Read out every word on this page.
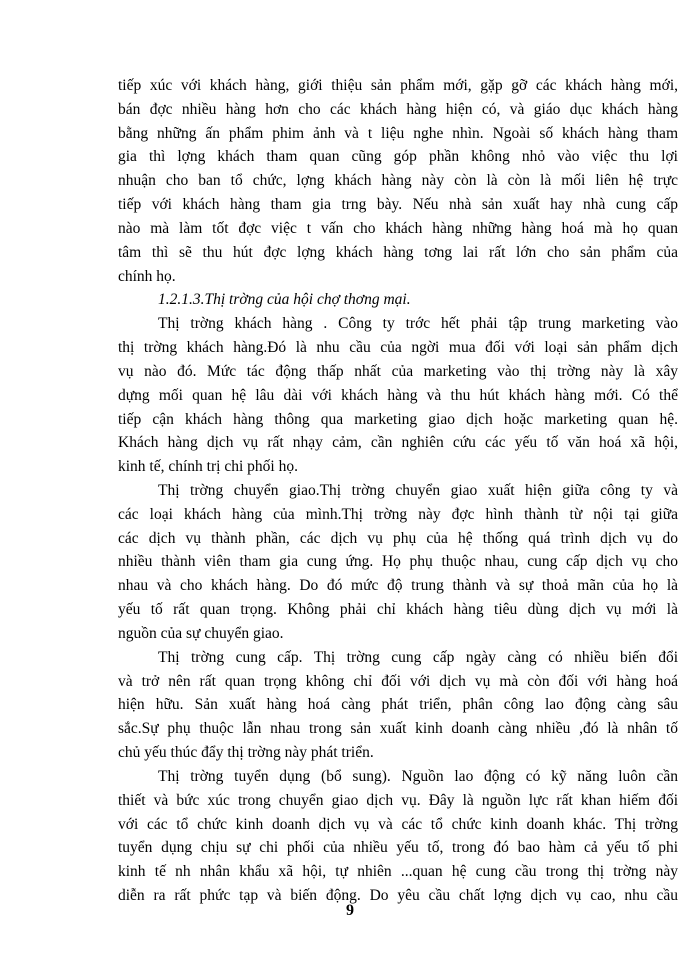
tiếp xúc với khách hàng, giới thiệu sản phẩm mới, gặp gỡ các khách hàng mới,
bán đợc nhiều hàng hơn cho các khách hàng hiện có, và giáo dục khách hàng
bằng những ấn phẩm phim ảnh và t liệu nghe nhìn. Ngoài số khách hàng tham
gia thì lợng khách tham quan cũng góp phần không nhỏ vào việc thu lợi
nhuận cho ban tổ chức, lợng khách hàng này còn là còn là mối liên hệ trực
tiếp với khách hàng tham gia trng bày. Nếu nhà sản xuất hay nhà cung cấp
nào mà làm tốt đợc việc t vấn cho khách hàng những hàng hoá mà họ quan
tâm thì sẽ thu hút đợc lợng khách hàng tơng lai rất lớn cho sản phẩm của
chính họ.
1.2.1.3.Thị trờng của hội chợ thơng mại.
Thị trờng khách hàng . Công ty trớc hết phải tập trung marketing vào
thị trờng khách hàng.Đó là nhu cầu của ngời mua đối với loại sản phẩm dịch
vụ nào đó. Mức tác động thấp nhất của marketing vào thị trờng này là xây
dựng mối quan hệ lâu dài với khách hàng và thu hút khách hàng mới. Có thể
tiếp cận khách hàng thông qua marketing giao dịch hoặc marketing quan hệ.
Khách hàng dịch vụ rất nhạy cảm, cần nghiên cứu các yếu tố văn hoá xã hội,
kinh tế, chính trị chi phối họ.
Thị trờng chuyển giao.Thị trờng chuyển giao xuất hiện giữa công ty và
các loại khách hàng của mình.Thị trờng này đợc hình thành từ nội tại giữa
các dịch vụ thành phần, các dịch vụ phụ của hệ thống quá trình dịch vụ do
nhiều thành viên tham gia cung ứng. Họ phụ thuộc nhau, cung cấp dịch vụ cho
nhau và cho khách hàng. Do đó mức độ trung thành và sự thoả mãn của họ là
yếu tố rất quan trọng. Không phải chỉ khách hàng tiêu dùng dịch vụ mới là
nguồn của sự chuyển giao.
Thị trờng cung cấp. Thị trờng cung cấp ngày càng có nhiều biến đổi
và trở nên rất quan trọng không chỉ đối với dịch vụ mà còn đối với hàng hoá
hiện hữu. Sản xuất hàng hoá càng phát triển, phân công lao động càng sâu
sắc.Sự phụ thuộc lẫn nhau trong sản xuất kinh doanh càng nhiều ,đó là nhân tố
chủ yếu thúc đẩy thị trờng này phát triển.
Thị trờng tuyển dụng (bổ sung). Nguồn lao động có kỹ năng luôn cần
thiết và bức xúc trong chuyển giao dịch vụ. Đây là nguồn lực rất khan hiếm đối
với các tổ chức kinh doanh dịch vụ và các tổ chức kinh doanh khác. Thị trờng
tuyển dụng chịu sự chi phối của nhiều yếu tố, trong đó bao hàm cả yếu tố phi
kinh tế nh nhân khẩu xã hội, tự nhiên ...quan hệ cung cầu trong thị trờng này
diễn ra rất phức tạp và biến động. Do yêu cầu chất lợng dịch vụ cao, nhu cầu
9
